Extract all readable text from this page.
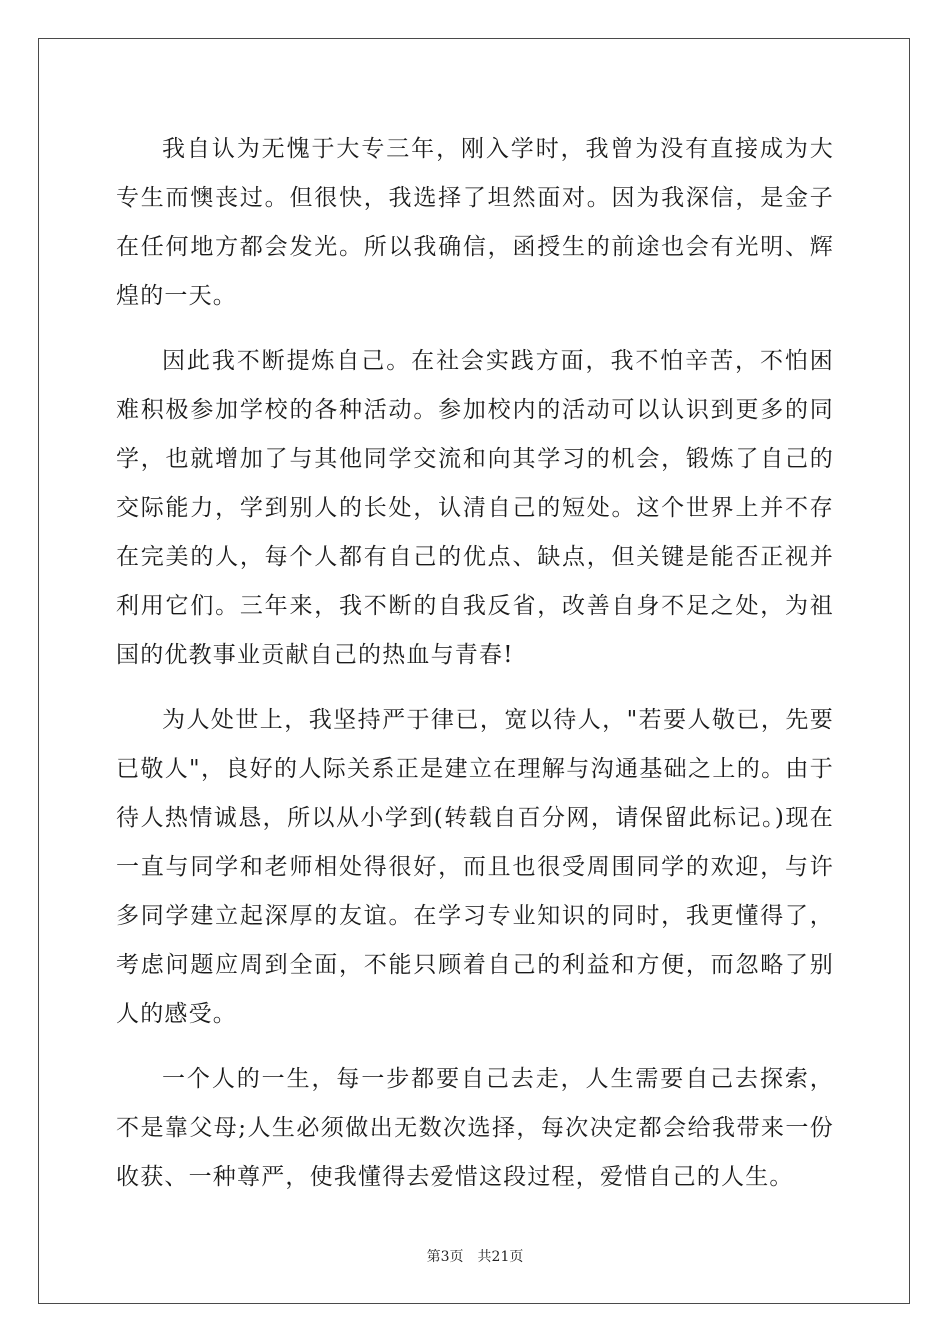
我自认为无愧于大专三年，刚入学时，我曾为没有直接成为大专生而懊丧过。但很快，我选择了坦然面对。因为我深信，是金子在任何地方都会发光。所以我确信，函授生的前途也会有光明、辉煌的一天。

因此我不断提炼自己。在社会实践方面，我不怕辛苦，不怕困难积极参加学校的各种活动。参加校内的活动可以认识到更多的同学，也就增加了与其他同学交流和向其学习的机会，锻炼了自己的交际能力，学到别人的长处，认清自己的短处。这个世界上并不存在完美的人，每个人都有自己的优点、缺点，但关键是能否正视并利用它们。三年来，我不断的自我反省，改善自身不足之处，为祖国的优教事业贡献自己的热血与青春!

为人处世上，我坚持严于律已，宽以待人，"若要人敬已，先要已敬人"，良好的人际关系正是建立在理解与沟通基础之上的。由于待人热情诚恳，所以从小学到(转载自百分网，请保留此标记。)现在一直与同学和老师相处得很好，而且也很受周围同学的欢迎，与许多同学建立起深厚的友谊。在学习专业知识的同时，我更懂得了，考虑问题应周到全面，不能只顾着自己的利益和方便，而忽略了别人的感受。

一个人的一生，每一步都要自己去走，人生需要自己去探索，不是靠父母;人生必须做出无数次选择，每次决定都会给我带来一份收获、一种尊严，使我懂得去爱惜这段过程，爱惜自己的人生。

第3页　共21页
